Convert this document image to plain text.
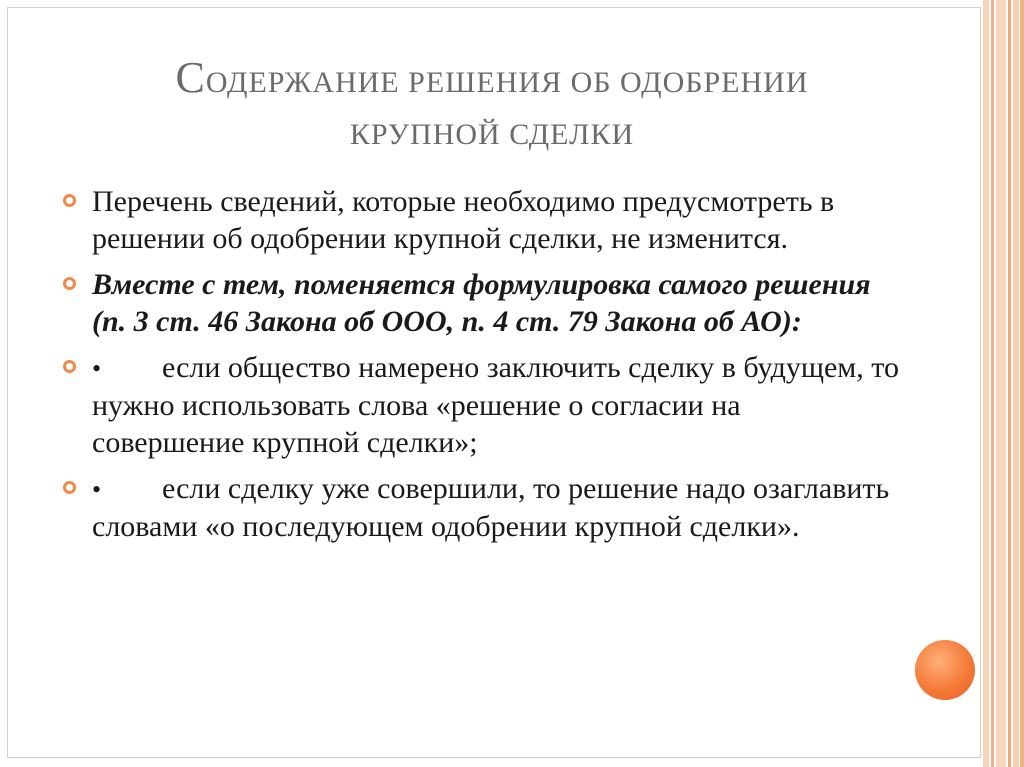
СОДЕРЖАНИЕ РЕШЕНИЯ ОБ ОДОБРЕНИИ
КРУПНОЙ СДЕЛКИ
Перечень сведений, которые необходимо предусмотреть в решении об одобрении крупной сделки, не изменится.
Вместе с тем, поменяется формулировка самого решения (п. 3 ст. 46 Закона об ООО, п. 4 ст. 79 Закона об АО):
• если общество намерено заключить сделку в будущем, то нужно использовать слова «решение о согласии на совершение крупной сделки»;
• если сделку уже совершили, то решение надо озаглавить словами «о последующем одобрении крупной сделки».
